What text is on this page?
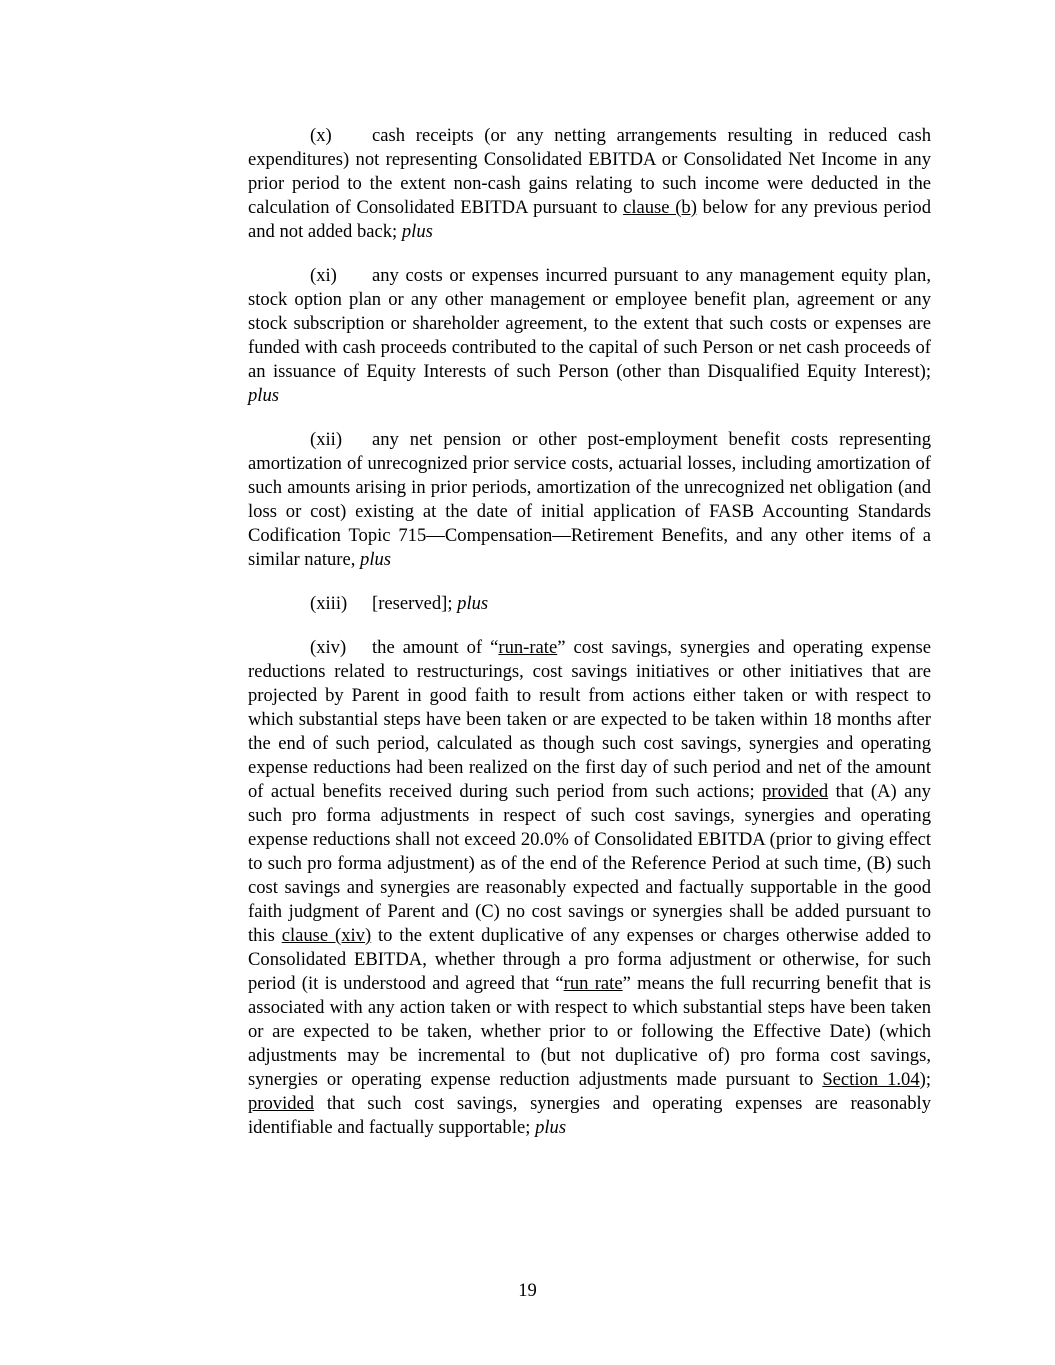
(x) cash receipts (or any netting arrangements resulting in reduced cash expenditures) not representing Consolidated EBITDA or Consolidated Net Income in any prior period to the extent non-cash gains relating to such income were deducted in the calculation of Consolidated EBITDA pursuant to clause (b) below for any previous period and not added back; plus

(xi) any costs or expenses incurred pursuant to any management equity plan, stock option plan or any other management or employee benefit plan, agreement or any stock subscription or shareholder agreement, to the extent that such costs or expenses are funded with cash proceeds contributed to the capital of such Person or net cash proceeds of an issuance of Equity Interests of such Person (other than Disqualified Equity Interest); plus

(xii) any net pension or other post-employment benefit costs representing amortization of unrecognized prior service costs, actuarial losses, including amortization of such amounts arising in prior periods, amortization of the unrecognized net obligation (and loss or cost) existing at the date of initial application of FASB Accounting Standards Codification Topic 715—Compensation—Retirement Benefits, and any other items of a similar nature, plus

(xiii) [reserved]; plus

(xiv) the amount of “run-rate” cost savings, synergies and operating expense reductions related to restructurings, cost savings initiatives or other initiatives that are projected by Parent in good faith to result from actions either taken or with respect to which substantial steps have been taken or are expected to be taken within 18 months after the end of such period, calculated as though such cost savings, synergies and operating expense reductions had been realized on the first day of such period and net of the amount of actual benefits received during such period from such actions; provided that (A) any such pro forma adjustments in respect of such cost savings, synergies and operating expense reductions shall not exceed 20.0% of Consolidated EBITDA (prior to giving effect to such pro forma adjustment) as of the end of the Reference Period at such time, (B) such cost savings and synergies are reasonably expected and factually supportable in the good faith judgment of Parent and (C) no cost savings or synergies shall be added pursuant to this clause (xiv) to the extent duplicative of any expenses or charges otherwise added to Consolidated EBITDA, whether through a pro forma adjustment or otherwise, for such period (it is understood and agreed that “run rate” means the full recurring benefit that is associated with any action taken or with respect to which substantial steps have been taken or are expected to be taken, whether prior to or following the Effective Date) (which adjustments may be incremental to (but not duplicative of) pro forma cost savings, synergies or operating expense reduction adjustments made pursuant to Section 1.04); provided that such cost savings, synergies and operating expenses are reasonably identifiable and factually supportable; plus

19
